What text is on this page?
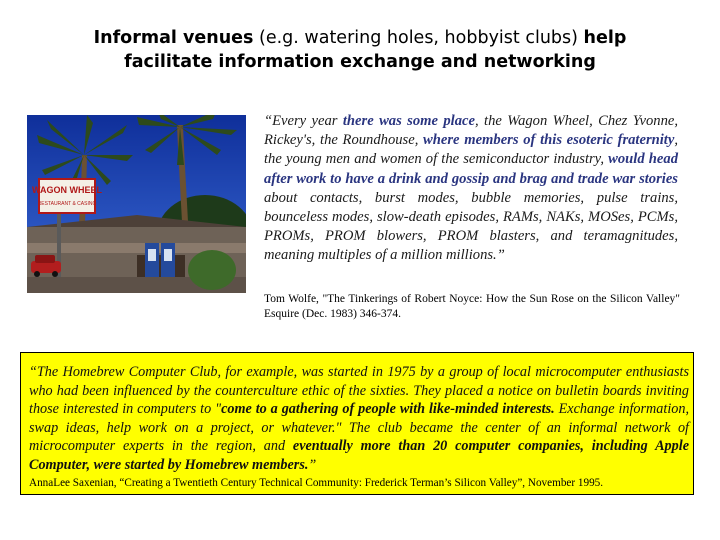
Informal venues (e.g. watering holes, hobbyist clubs) help
facilitate information exchange and networking
WAGON WHEEL
RESTAURANT & CASINO
“Every year there was some place, the Wagon Wheel, Chez Yvonne, Rickey's, the Roundhouse, where members of this esoteric fraternity, the young men and women of the semiconductor industry, would head after work to have a drink and gossip and brag and trade war stories about contacts, burst modes, bubble memories, pulse trains, bounceless modes, slow-death episodes, RAMs, NAKs, MOSes, PCMs, PROMs, PROM blowers, PROM blasters, and teramagnitudes, meaning multiples of a million millions.”
Tom Wolfe, "The Tinkerings of Robert Noyce: How the Sun Rose on the Silicon Valley" Esquire (Dec. 1983) 346-374.
“The Homebrew Computer Club, for example, was started in 1975 by a group of local microcomputer enthusiasts who had been influenced by the counterculture ethic of the sixties. They placed a notice on bulletin boards inviting those interested in computers to "come to a gathering of people with like-minded interests. Exchange information, swap ideas, help work on a project, or whatever." The club became the center of an informal network of microcomputer experts in the region, and eventually more than 20 computer companies, including Apple Computer, were started by Homebrew members.”
AnnaLee Saxenian, “Creating a Twentieth Century Technical Community: Frederick Terman’s Silicon Valley”, November 1995.
